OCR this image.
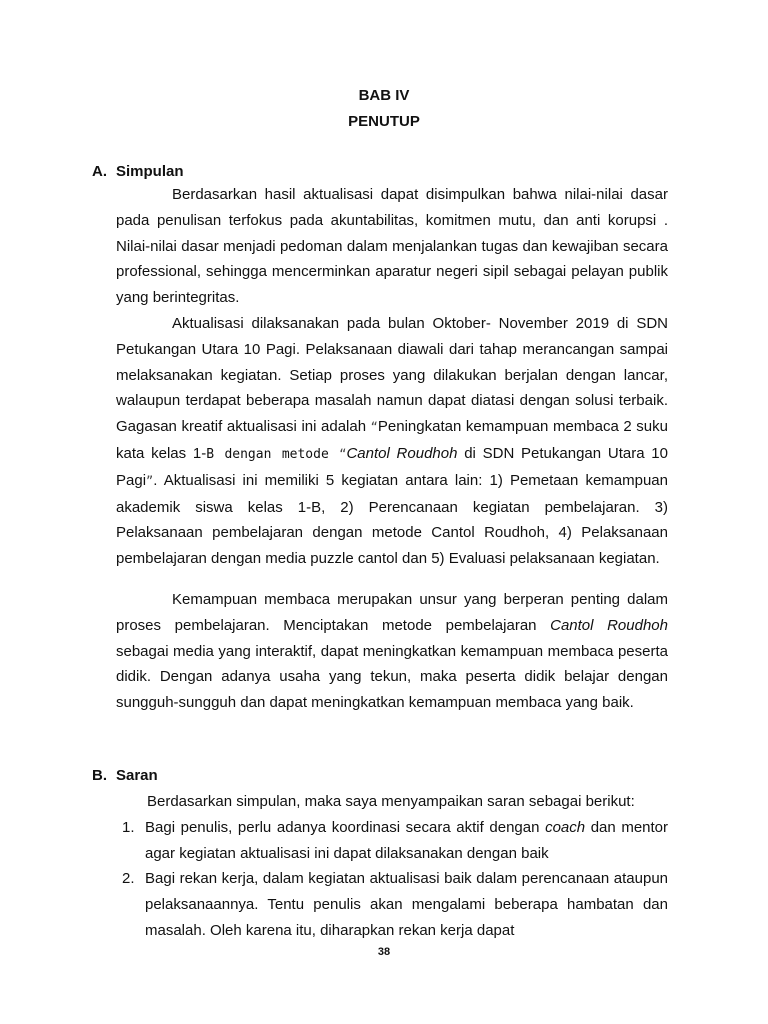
BAB IV
PENUTUP
A. Simpulan

Berdasarkan hasil aktualisasi dapat disimpulkan bahwa nilai-nilai dasar pada penulisan terfokus pada akuntabilitas, komitmen mutu, dan anti korupsi . Nilai-nilai dasar menjadi pedoman dalam menjalankan tugas dan kewajiban secara professional, sehingga mencerminkan aparatur negeri sipil sebagai pelayan publik yang berintegritas.

Aktualisasi dilaksanakan pada bulan Oktober- November 2019 di SDN Petukangan Utara 10 Pagi. Pelaksanaan diawali dari tahap merancangan sampai melaksanakan kegiatan. Setiap proses yang dilakukan berjalan dengan lancar, walaupun terdapat beberapa masalah namun dapat diatasi dengan solusi terbaik. Gagasan kreatif aktualisasi ini adalah “Peningkatan kemampuan membaca 2 suku kata kelas 1-B dengan metode “Cantol Roudhoh di SDN Petukangan Utara 10 Pagi”. Aktualisasi ini memiliki 5 kegiatan antara lain: 1) Pemetaan kemampuan akademik siswa kelas 1-B, 2) Perencanaan kegiatan pembelajaran. 3) Pelaksanaan pembelajaran dengan metode Cantol Roudhoh, 4) Pelaksanaan pembelajaran dengan media puzzle cantol dan 5) Evaluasi pelaksanaan kegiatan.

Kemampuan membaca merupakan unsur yang berperan penting dalam proses pembelajaran. Menciptakan metode pembelajaran Cantol Roudhoh sebagai media yang interaktif, dapat meningkatkan kemampuan membaca peserta didik. Dengan adanya usaha yang tekun, maka peserta didik belajar dengan sungguh-sungguh dan dapat meningkatkan kemampuan membaca yang baik.

B. Saran

Berdasarkan simpulan, maka saya menyampaikan saran sebagai berikut:

1. Bagi penulis, perlu adanya koordinasi secara aktif dengan coach dan mentor agar kegiatan aktualisasi ini dapat dilaksanakan dengan baik
2. Bagi rekan kerja, dalam kegiatan aktualisasi baik dalam perencanaan ataupun pelaksanaannya. Tentu penulis akan mengalami beberapa hambatan dan masalah. Oleh karena itu, diharapkan rekan kerja dapat
38
